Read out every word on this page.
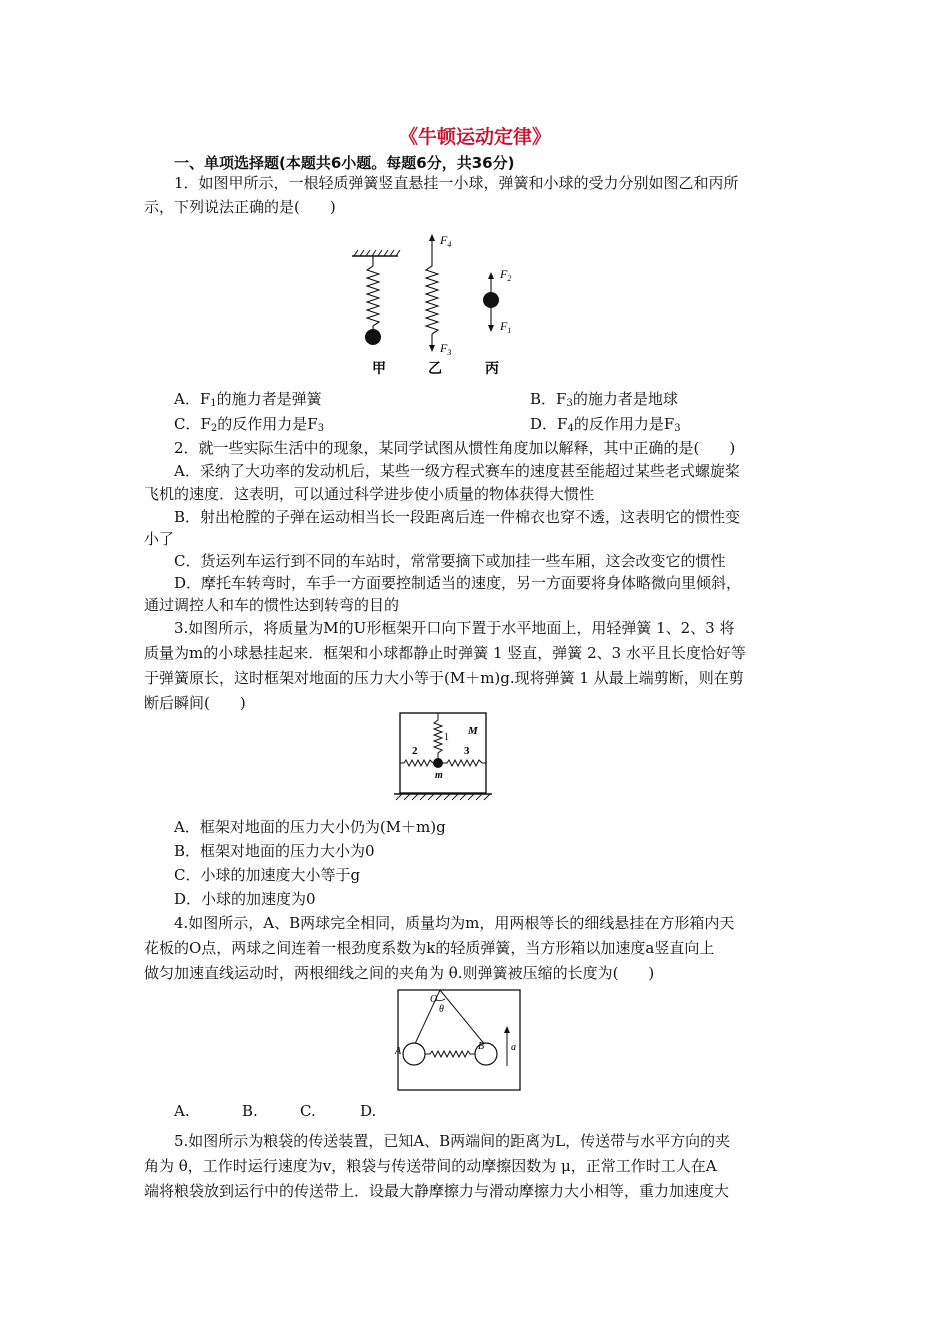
《牛顿运动定律》
一、单项选择题(本题共6小题。每题6分，共36分)
1．如图甲所示，一根轻质弹簧竖直悬挂一小球，弹簧和小球的受力分别如图乙和丙所
示，下列说法正确的是(　　)
$F_4$
$F_3$
$F_2$
$F_1$
甲	乙	丙
A．$F_1$的施力者是弹簧	B．$F_3$的施力者是地球
C．$F_2$的反作用力是$F_3$	D．$F_4$的反作用力是$F_3$
2．就一些实际生活中的现象，某同学试图从惯性角度加以解释，其中正确的是(　　)
A．采纳了大功率的发动机后，某些一级方程式赛车的速度甚至能超过某些老式螺旋桨
飞机的速度．这表明，可以通过科学进步使小质量的物体获得大惯性
B．射出枪膛的子弹在运动相当长一段距离后连一件棉衣也穿不透，这表明它的惯性变
小了
C．货运列车运行到不同的车站时，常常要摘下或加挂一些车厢，这会改变它的惯性
D．摩托车转弯时，车手一方面要控制适当的速度，另一方面要将身体略微向里倾斜，
通过调控人和车的惯性达到转弯的目的
3.如图所示，将质量为M的U形框架开口向下置于水平地面上，用轻弹簧 1、2、3 将
质量为m的小球悬挂起来．框架和小球都静止时弹簧 1 竖直，弹簧 2、3 水平且长度恰好等
于弹簧原长，这时框架对地面的压力大小等于(M＋m)g.现将弹簧 1 从最上端剪断，则在剪
断后瞬间(　　)
1
2	3
M
m
A．框架对地面的压力大小仍为(M＋m)g
B．框架对地面的压力大小为0
C．小球的加速度大小等于g
D．小球的加速度为0
4.如图所示，A、B两球完全相同，质量均为m，用两根等长的细线悬挂在方形箱内天
花板的O点，两球之间连着一根劲度系数为k的轻质弹簧，当方形箱以加速度a竖直向上
做匀加速直线运动时，两根细线之间的夹角为 θ.则弹簧被压缩的长度为(　　)
O
θ
A	B	a
A.	B.	C.	D.
5.如图所示为粮袋的传送装置，已知A、B两端间的距离为L，传送带与水平方向的夹
角为 θ，工作时运行速度为v，粮袋与传送带间的动摩擦因数为 μ，正常工作时工人在A
端将粮袋放到运行中的传送带上．设最大静摩擦力与滑动摩擦力大小相等，重力加速度大
